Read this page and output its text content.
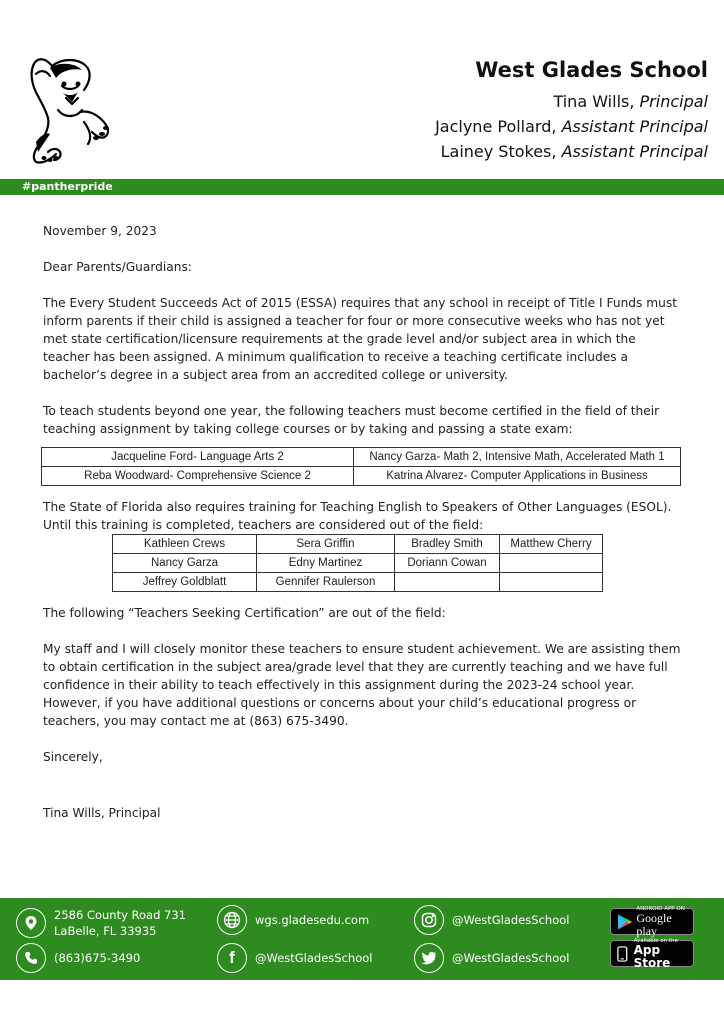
West Glades School
Tina Wills, Principal
Jaclyne Pollard, Assistant Principal
Lainey Stokes, Assistant Principal
#pantherpride

November 9, 2023

Dear Parents/Guardians:

The Every Student Succeeds Act of 2015 (ESSA) requires that any school in receipt of Title I Funds must inform parents if their child is assigned a teacher for four or more consecutive weeks who has not yet met state certification/licensure requirements at the grade level and/or subject area in which the teacher has been assigned. A minimum qualification to receive a teaching certificate includes a bachelor’s degree in a subject area from an accredited college or university.

To teach students beyond one year, the following teachers must become certified in the field of their teaching assignment by taking college courses or by taking and passing a state exam:

Jacqueline Ford- Language Arts 2	Nancy Garza- Math 2, Intensive Math, Accelerated Math 1
Reba Woodward- Comprehensive Science 2	Katrina Alvarez- Computer Applications in Business

The State of Florida also requires training for Teaching English to Speakers of Other Languages (ESOL). Until this training is completed, teachers are considered out of the field:

Kathleen Crews	Sera Griffin	Bradley Smith	Matthew Cherry
Nancy Garza	Edny Martinez	Doriann Cowan	
Jeffrey Goldblatt	Gennifer Raulerson		

The following “Teachers Seeking Certification” are out of the field:

My staff and I will closely monitor these teachers to ensure student achievement. We are assisting them to obtain certification in the subject area/grade level that they are currently teaching and we have full confidence in their ability to teach effectively in this assignment during the 2023-24 school year. However, if you have additional questions or concerns about your child’s educational progress or teachers, you may contact me at (863) 675-3490.

Sincerely,

Tina Wills, Principal

2586 County Road 731
LaBelle, FL 33935
(863)675-3490
wgs.gladesedu.com
f @WestGladesSchool
@WestGladesSchool
@WestGladesSchool
ANDROID APP ON
Google play
Available on the
App Store
